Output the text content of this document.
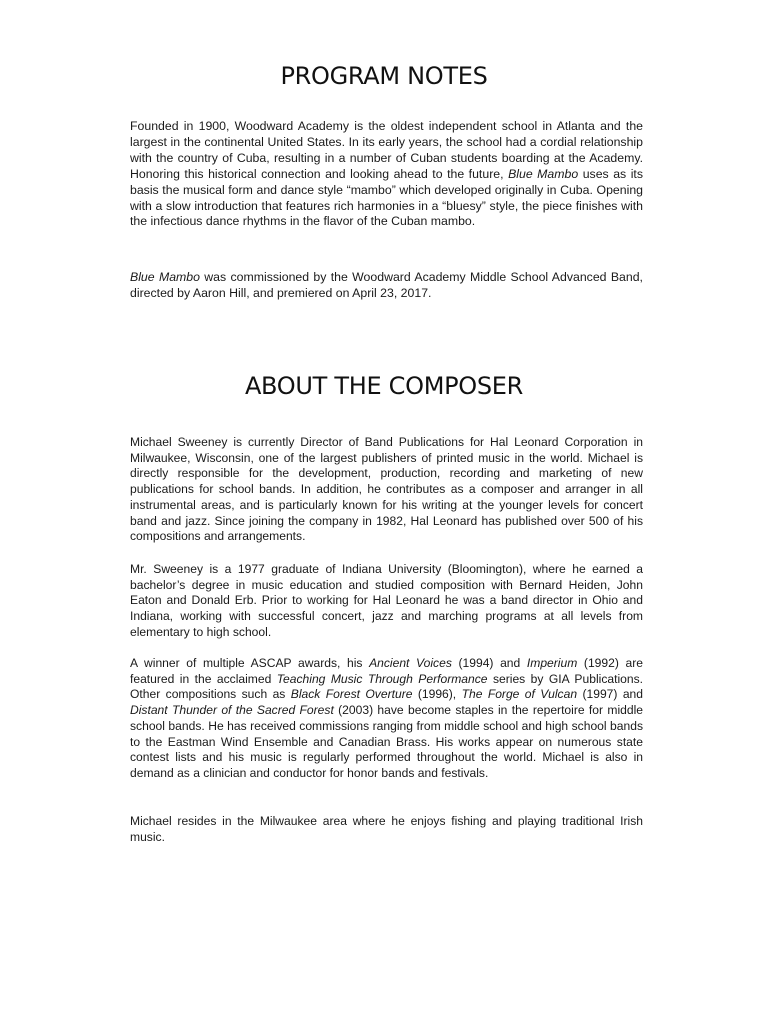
PROGRAM NOTES

Founded in 1900, Woodward Academy is the oldest independent school in Atlanta and the largest in the continental United States. In its early years, the school had a cordial relationship with the country of Cuba, resulting in a number of Cuban students boarding at the Academy. Honoring this historical connection and looking ahead to the future, Blue Mambo uses as its basis the musical form and dance style “mambo” which developed originally in Cuba. Opening with a slow introduction that features rich harmonies in a “bluesy” style, the piece finishes with the infectious dance rhythms in the flavor of the Cuban mambo.

Blue Mambo was commissioned by the Woodward Academy Middle School Advanced Band, directed by Aaron Hill, and premiered on April 23, 2017.

ABOUT THE COMPOSER

Michael Sweeney is currently Director of Band Publications for Hal Leonard Corporation in Milwaukee, Wisconsin, one of the largest publishers of printed music in the world. Michael is directly responsible for the development, production, recording and marketing of new publications for school bands. In addition, he contributes as a composer and arranger in all instrumental areas, and is particularly known for his writing at the younger levels for concert band and jazz. Since joining the company in 1982, Hal Leonard has published over 500 of his compositions and arrangements.

Mr. Sweeney is a 1977 graduate of Indiana University (Bloomington), where he earned a bachelor’s degree in music education and studied composition with Bernard Heiden, John Eaton and Donald Erb. Prior to working for Hal Leonard he was a band director in Ohio and Indiana, working with successful concert, jazz and marching programs at all levels from elementary to high school.

A winner of multiple ASCAP awards, his Ancient Voices (1994) and Imperium (1992) are featured in the acclaimed Teaching Music Through Performance series by GIA Publications. Other compositions such as Black Forest Overture (1996), The Forge of Vulcan (1997) and Distant Thunder of the Sacred Forest (2003) have become staples in the repertoire for middle school bands. He has received commissions ranging from middle school and high school bands to the Eastman Wind Ensemble and Canadian Brass. His works appear on numerous state contest lists and his music is regularly performed throughout the world. Michael is also in demand as a clinician and conductor for honor bands and festivals.

Michael resides in the Milwaukee area where he enjoys fishing and playing traditional Irish music.
